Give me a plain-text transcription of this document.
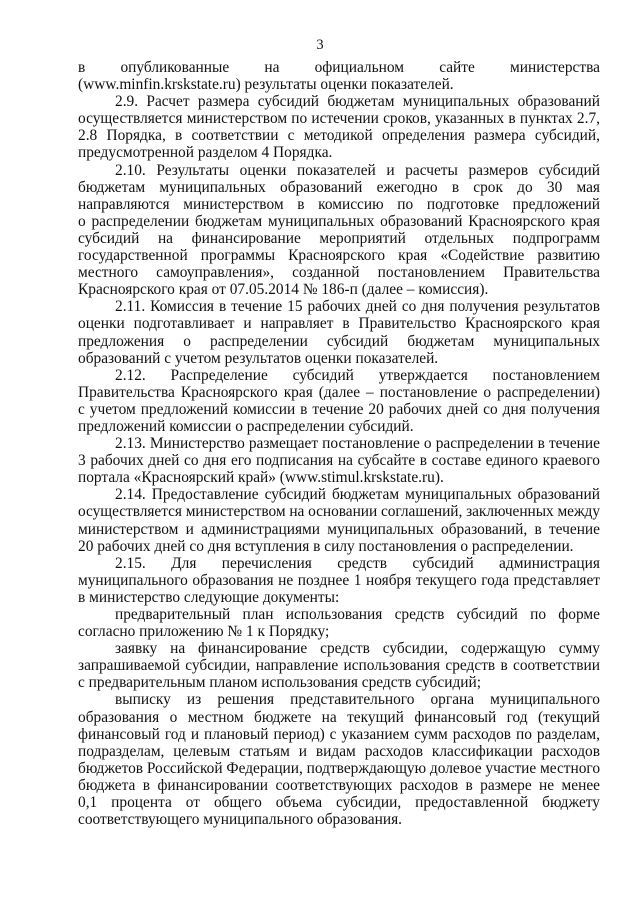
3
в опубликованные на официальном сайте министерства
(www.minfin.krskstate.ru) результаты оценки показателей.
2.9. Расчет размера субсидий бюджетам муниципальных образований
осуществляется министерством по истечении сроков, указанных в пунктах 2.7,
2.8 Порядка, в соответствии с методикой определения размера субсидий,
предусмотренной разделом 4 Порядка.
2.10. Результаты оценки показателей и расчеты размеров субсидий
бюджетам муниципальных образований ежегодно в срок до 30 мая
направляются министерством в комиссию по подготовке предложений
о распределении бюджетам муниципальных образований Красноярского края
субсидий на финансирование мероприятий отдельных подпрограмм
государственной программы Красноярского края «Содействие развитию
местного самоуправления», созданной постановлением Правительства
Красноярского края от 07.05.2014 № 186-п (далее – комиссия).
2.11. Комиссия в течение 15 рабочих дней со дня получения результатов
оценки подготавливает и направляет в Правительство Красноярского края
предложения о распределении субсидий бюджетам муниципальных
образований с учетом результатов оценки показателей.
2.12. Распределение субсидий утверждается постановлением
Правительства Красноярского края (далее – постановление о распределении)
с учетом предложений комиссии в течение 20 рабочих дней со дня получения
предложений комиссии о распределении субсидий.
2.13. Министерство размещает постановление о распределении в течение
3 рабочих дней со дня его подписания на субсайте в составе единого краевого
портала «Красноярский край» (www.stimul.krskstate.ru).
2.14. Предоставление субсидий бюджетам муниципальных образований
осуществляется министерством на основании соглашений, заключенных между
министерством и администрациями муниципальных образований, в течение
20 рабочих дней со дня вступления в силу постановления о распределении.
2.15. Для перечисления средств субсидий администрация
муниципального образования не позднее 1 ноября текущего года представляет
в министерство следующие документы:
предварительный план использования средств субсидий по форме
согласно приложению № 1 к Порядку;
заявку на финансирование средств субсидии, содержащую сумму
запрашиваемой субсидии, направление использования средств в соответствии
с предварительным планом использования средств субсидий;
выписку из решения представительного органа муниципального
образования о местном бюджете на текущий финансовый год (текущий
финансовый год и плановый период) с указанием сумм расходов по разделам,
подразделам, целевым статьям и видам расходов классификации расходов
бюджетов Российской Федерации, подтверждающую долевое участие местного
бюджета в финансировании соответствующих расходов в размере не менее
0,1 процента от общего объема субсидии, предоставленной бюджету
соответствующего муниципального образования.
